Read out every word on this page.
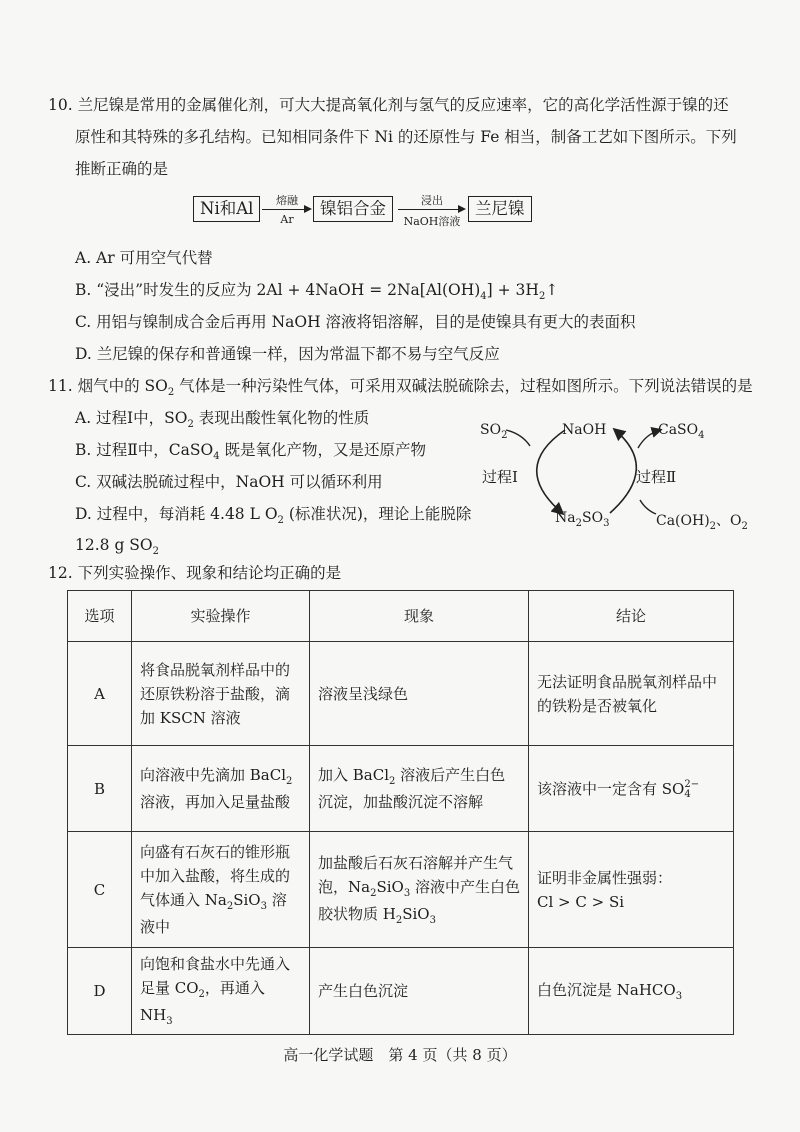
10. 兰尼镍是常用的金属催化剂，可大大提高氧化剂与氢气的反应速率，它的高化学活性源于镍的还
原性和其特殊的多孔结构。已知相同条件下 Ni 的还原性与 Fe 相当，制备工艺如下图所示。下列
推断正确的是
Ni和Al	熔融
Ar
镍铝合金	浸出
NaOH溶液
兰尼镍
A. Ar 可用空气代替
B. “浸出”时发生的反应为 2Al + 4NaOH = $2Na[Al(OH)_4]$ + $3H_2↑$
C. 用铝与镍制成合金后再用 NaOH 溶液将铝溶解，目的是使镍具有更大的表面积
D. 兰尼镍的保存和普通镍一样，因为常温下都不易与空气反应
11. 烟气中的 $SO_2$ 气体是一种污染性气体，可采用双碱法脱硫除去，过程如图所示。下列说法错误的是
A. 过程Ⅰ中，$SO_2$ 表现出酸性氧化物的性质
B. 过程Ⅱ中，CaSO$_4$ 既是氧化产物，又是还原产物
C. 双碱法脱硫过程中，NaOH 可以循环利用
D. 过程中，每消耗 4.48 L $O_2$ (标准状况)，理论上能脱除
12.8 g $SO_2$
$SO_2$	NaOH	CaSO$_4$
过程Ⅰ	过程Ⅱ
$Na_2SO_3$	$Ca(OH)_2$、$O_2$
12. 下列实验操作、现象和结论均正确的是
选项	实验操作	现象	结论
A	将食品脱氧剂样品中的还原铁粉溶于盐酸，滴加 KSCN 溶液	溶液呈浅绿色	无法证明食品脱氧剂样品中的铁粉是否被氧化
B	向溶液中先滴加 BaCl$_2$ 溶液，再加入足量盐酸	加入 BaCl$_2$ 溶液后产生白色沉淀，加盐酸沉淀不溶解	该溶液中一定含有 SO 2−
4

C	向盛有石灰石的锥形瓶中加入盐酸，将生成的气体通入 $Na_2SiO_3$ 溶液中	加盐酸后石灰石溶解并产生气泡，$Na_2SiO_3$ 溶液中产生白色胶状物质 $H_2SiO_3$	证明非金属性强弱：
Cl > C > Si

D	向饱和食盐水中先通入足量 $CO_2$，再通入 $NH_3$	产生白色沉淀	白色沉淀是 NaHCO$_3$
高一化学试题　第 4 页（共 8 页）
